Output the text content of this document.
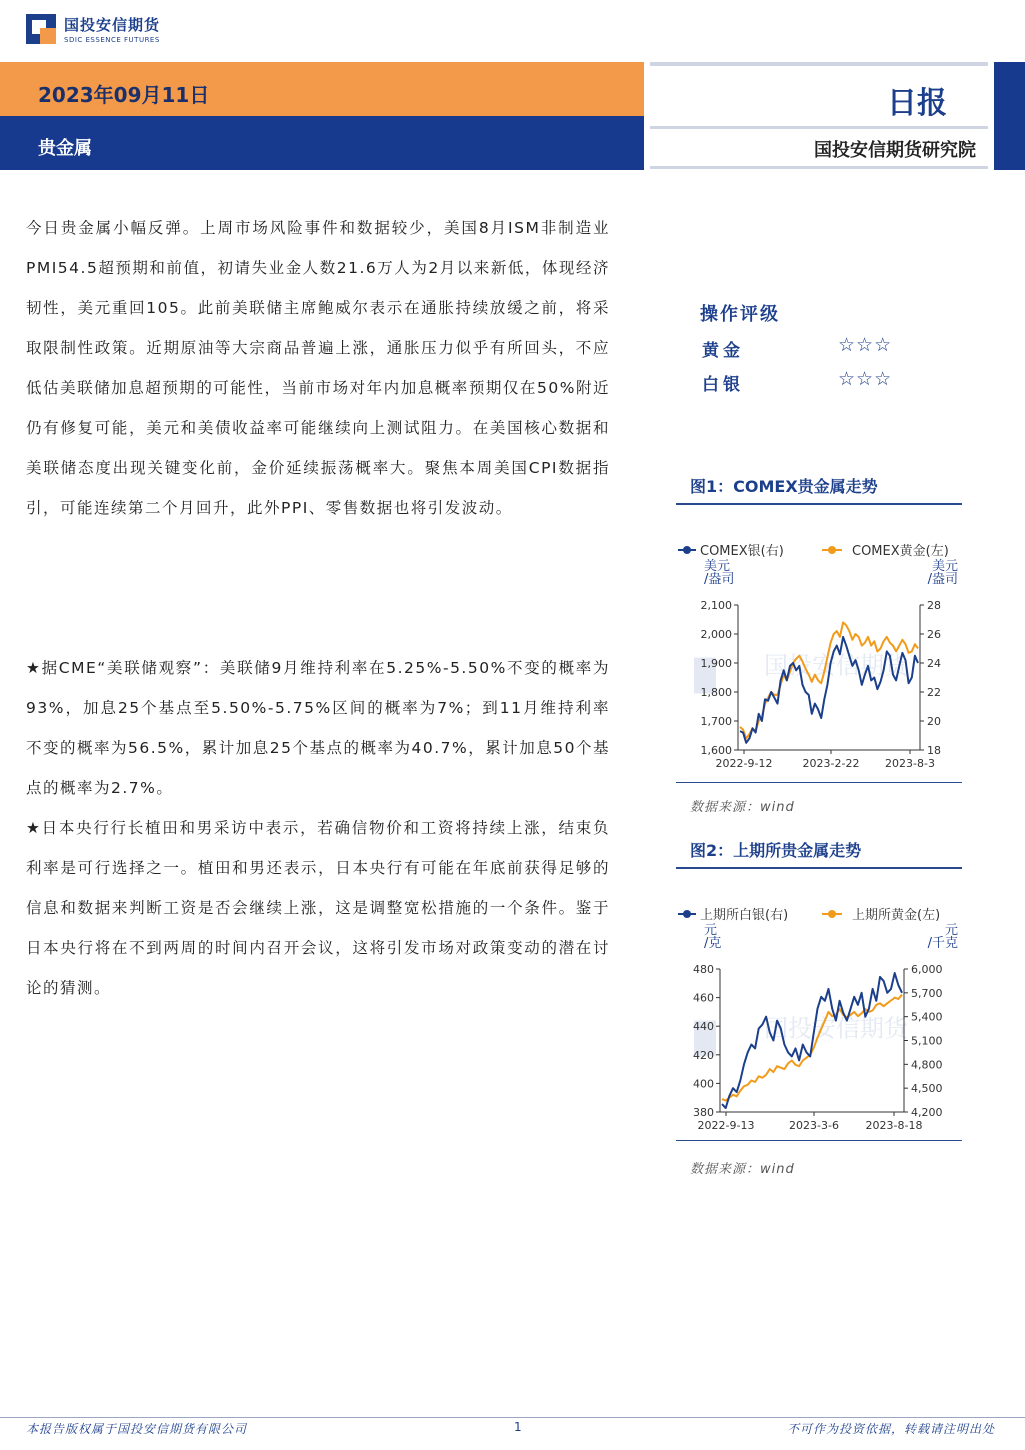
国投安信期货
SDIC ESSENCE FUTURES
2023年09月11日
贵金属
日报
国投安信期货研究院

今日贵金属小幅反弹。上周市场风险事件和数据较少，美国8月ISM非制造业PMI54.5超预期和前值，初请失业金人数21.6万人为2月以来新低，体现经济韧性，美元重回105。此前美联储主席鲍威尔表示在通胀持续放缓之前，将采取限制性政策。近期原油等大宗商品普遍上涨，通胀压力似乎有所回头，不应低估美联储加息超预期的可能性，当前市场对年内加息概率预期仅在50%附近仍有修复可能，美元和美债收益率可能继续向上测试阻力。在美国核心数据和美联储态度出现关键变化前，金价延续振荡概率大。聚焦本周美国CPI数据指引，可能连续第二个月回升，此外PPI、零售数据也将引发波动。

★据CME“美联储观察”：美联储9月维持利率在5.25%-5.50%不变的概率为93%，加息25个基点至5.50%-5.75%区间的概率为7%；到11月维持利率不变的概率为56.5%，累计加息25个基点的概率为40.7%，累计加息50个基点的概率为2.7%。

★日本央行行长植田和男采访中表示，若确信物价和工资将持续上涨，结束负利率是可行选择之一。植田和男还表示，日本央行有可能在年底前获得足够的信息和数据来判断工资是否会继续上涨，这是调整宽松措施的一个条件。鉴于日本央行将在不到两周的时间内召开会议，这将引发市场对政策变动的潜在讨论的猜测。

操作评级
黄金	☆☆☆
白银	☆☆☆
图1：COMEX贵金属走势
COMEX银(右)	COMEX黄金(左)
美元
/盎司
美元
/盎司
国投安信期货
2,100
2,000
1,900
1,800
1,700
1,600
28
26
24
22
20
18
2022-9-12	2023-2-22 2023-8-3
数据来源：wind
图2：上期所贵金属走势
上期所白银(右)	上期所黄金(左)
元
/克
元
/千克
国投安信期货
480
460
440
420
400
380
6,000
5,700
5,400
5,100
4,800
4,500
4,200
2022-9-13	2023-3-6 2023-8-18
数据来源：wind
本报告版权属于国投安信期货有限公司	1	不可作为投资依据，转载请注明出处
